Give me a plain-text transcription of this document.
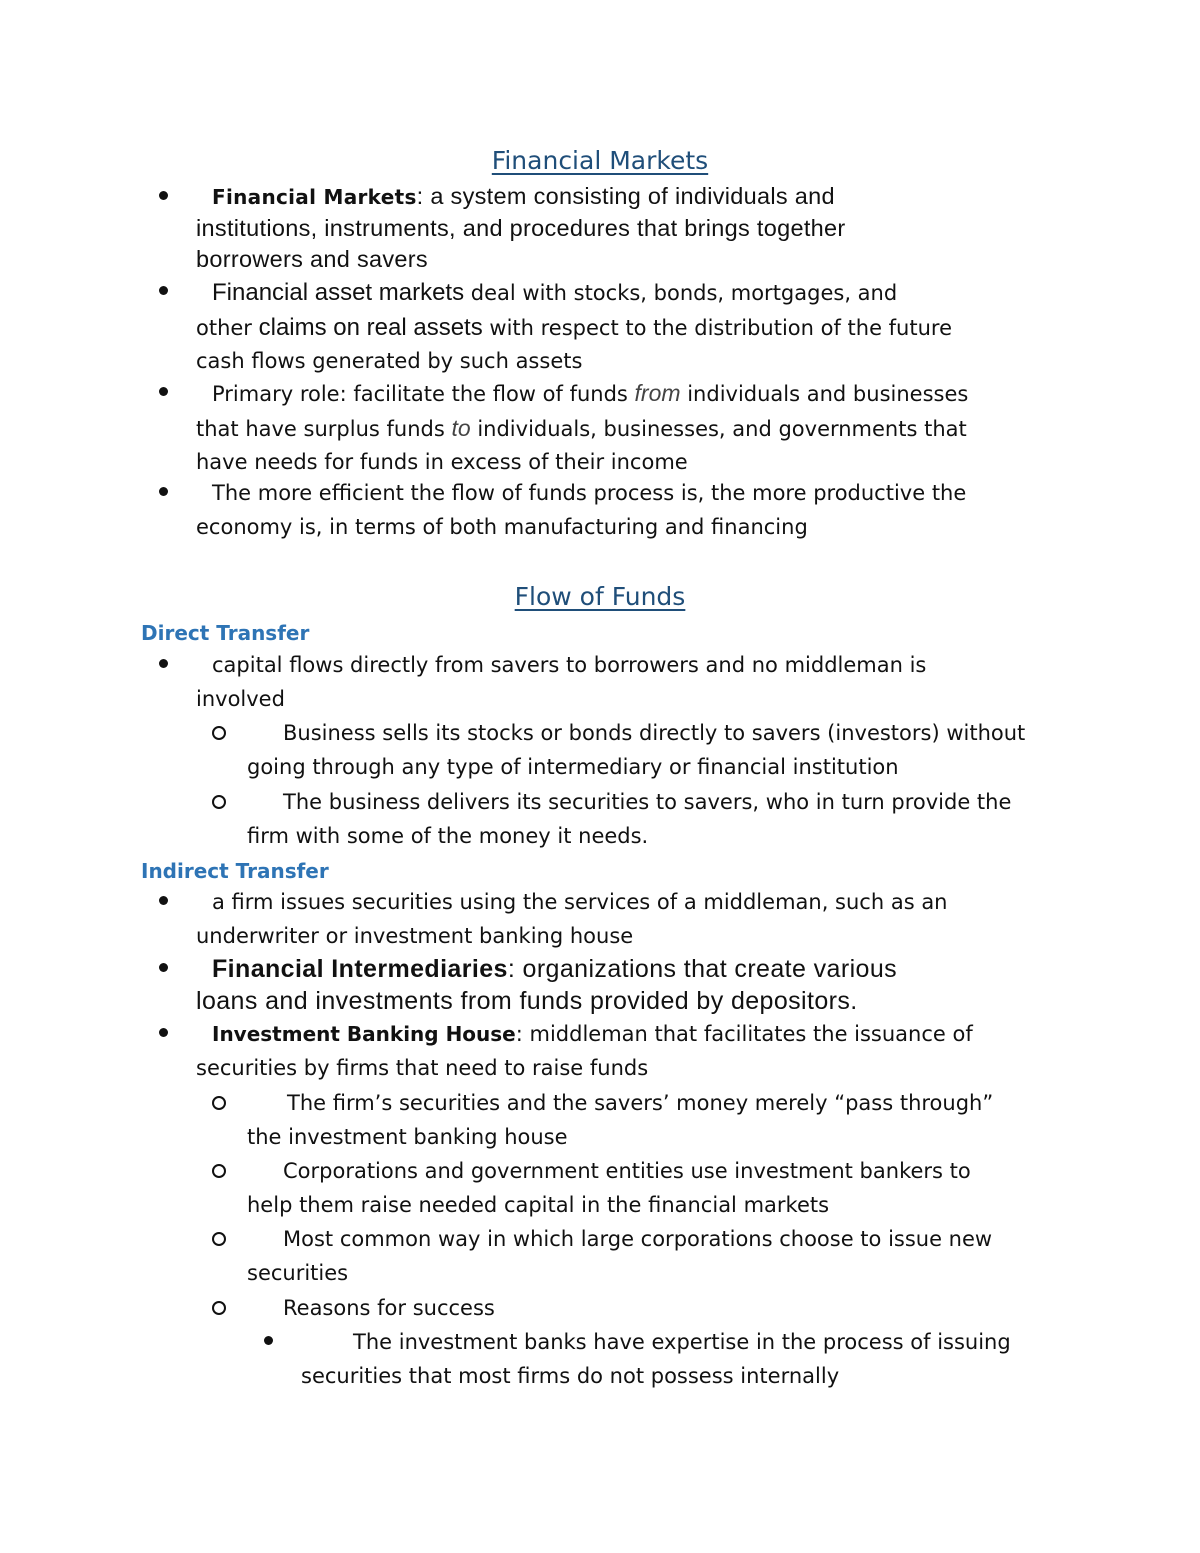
Financial Markets
Financial Markets: a system consisting of individuals and
institutions, instruments, and procedures that brings together
borrowers and savers
Financial asset markets deal with stocks, bonds, mortgages, and
other claims on real assets with respect to the distribution of the future
cash flows generated by such assets
Primary role: facilitate the flow of funds from individuals and businesses
that have surplus funds to individuals, businesses, and governments that
have needs for funds in excess of their income
The more efficient the flow of funds process is, the more productive the
economy is, in terms of both manufacturing and financing
Flow of Funds
Direct Transfer
capital flows directly from savers to borrowers and no middleman is
involved
Business sells its stocks or bonds directly to savers (investors) without
going through any type of intermediary or financial institution
The business delivers its securities to savers, who in turn provide the
firm with some of the money it needs.
Indirect Transfer
a firm issues securities using the services of a middleman, such as an
underwriter or investment banking house
Financial Intermediaries: organizations that create various
loans and investments from funds provided by depositors.
Investment Banking House: middleman that facilitates the issuance of
securities by firms that need to raise funds
The firm’s securities and the savers’ money merely “pass through”
the investment banking house
Corporations and government entities use investment bankers to
help them raise needed capital in the financial markets
Most common way in which large corporations choose to issue new
securities
Reasons for success
The investment banks have expertise in the process of issuing
securities that most firms do not possess internally
